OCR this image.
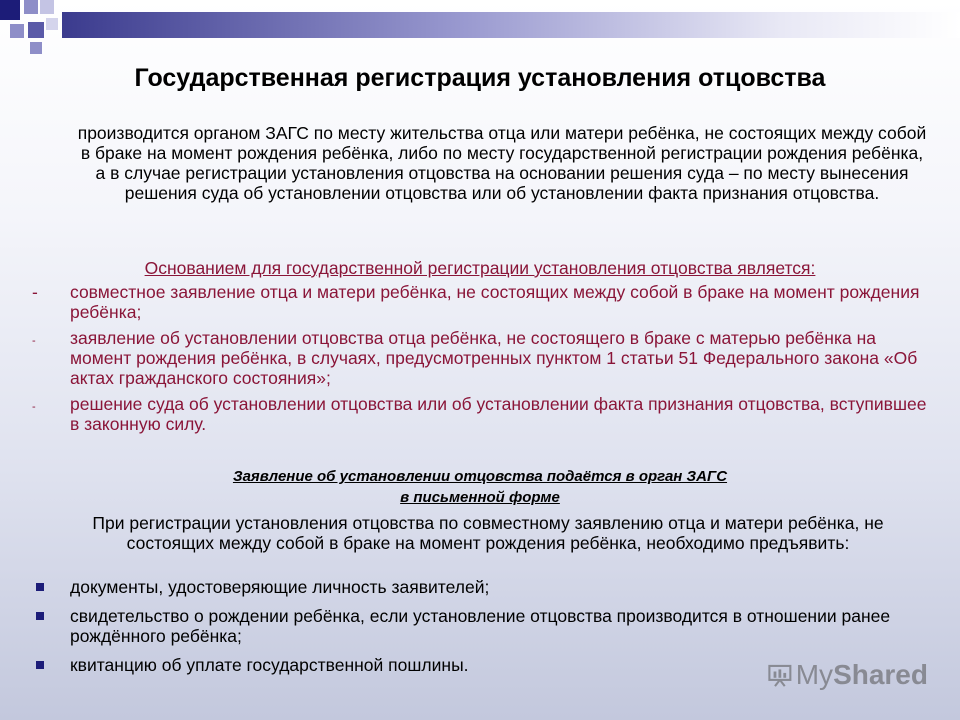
Государственная регистрация установления отцовства
производится органом ЗАГС по месту жительства отца или матери ребёнка, не состоящих между собой в браке на момент рождения ребёнка, либо по месту государственной регистрации рождения ребёнка, а в случае регистрации установления отцовства на основании решения суда – по месту вынесения решения суда об установлении отцовства или об установлении факта признания отцовства.
Основанием для государственной регистрации установления отцовства является:
- совместное заявление отца и матери ребёнка, не состоящих между собой в браке на момент рождения ребёнка;
- заявление об установлении отцовства отца ребёнка, не состоящего в браке с матерью ребёнка на момент рождения ребёнка, в случаях, предусмотренных пунктом 1 статьи 51 Федерального закона «Об актах гражданского состояния»;
- решение суда об установлении отцовства или об установлении факта признания отцовства, вступившее в законную силу.
Заявление об установлении отцовства подаётся в орган ЗАГС
в письменной форме
При регистрации установления отцовства по совместному заявлению отца и матери ребёнка, не состоящих между собой в браке на момент рождения ребёнка, необходимо предъявить:
документы, удостоверяющие личность заявителей;
свидетельство о рождении ребёнка, если установление отцовства производится в отношении ранее рождённого ребёнка;
квитанцию об уплате государственной пошлины.	MyShared
